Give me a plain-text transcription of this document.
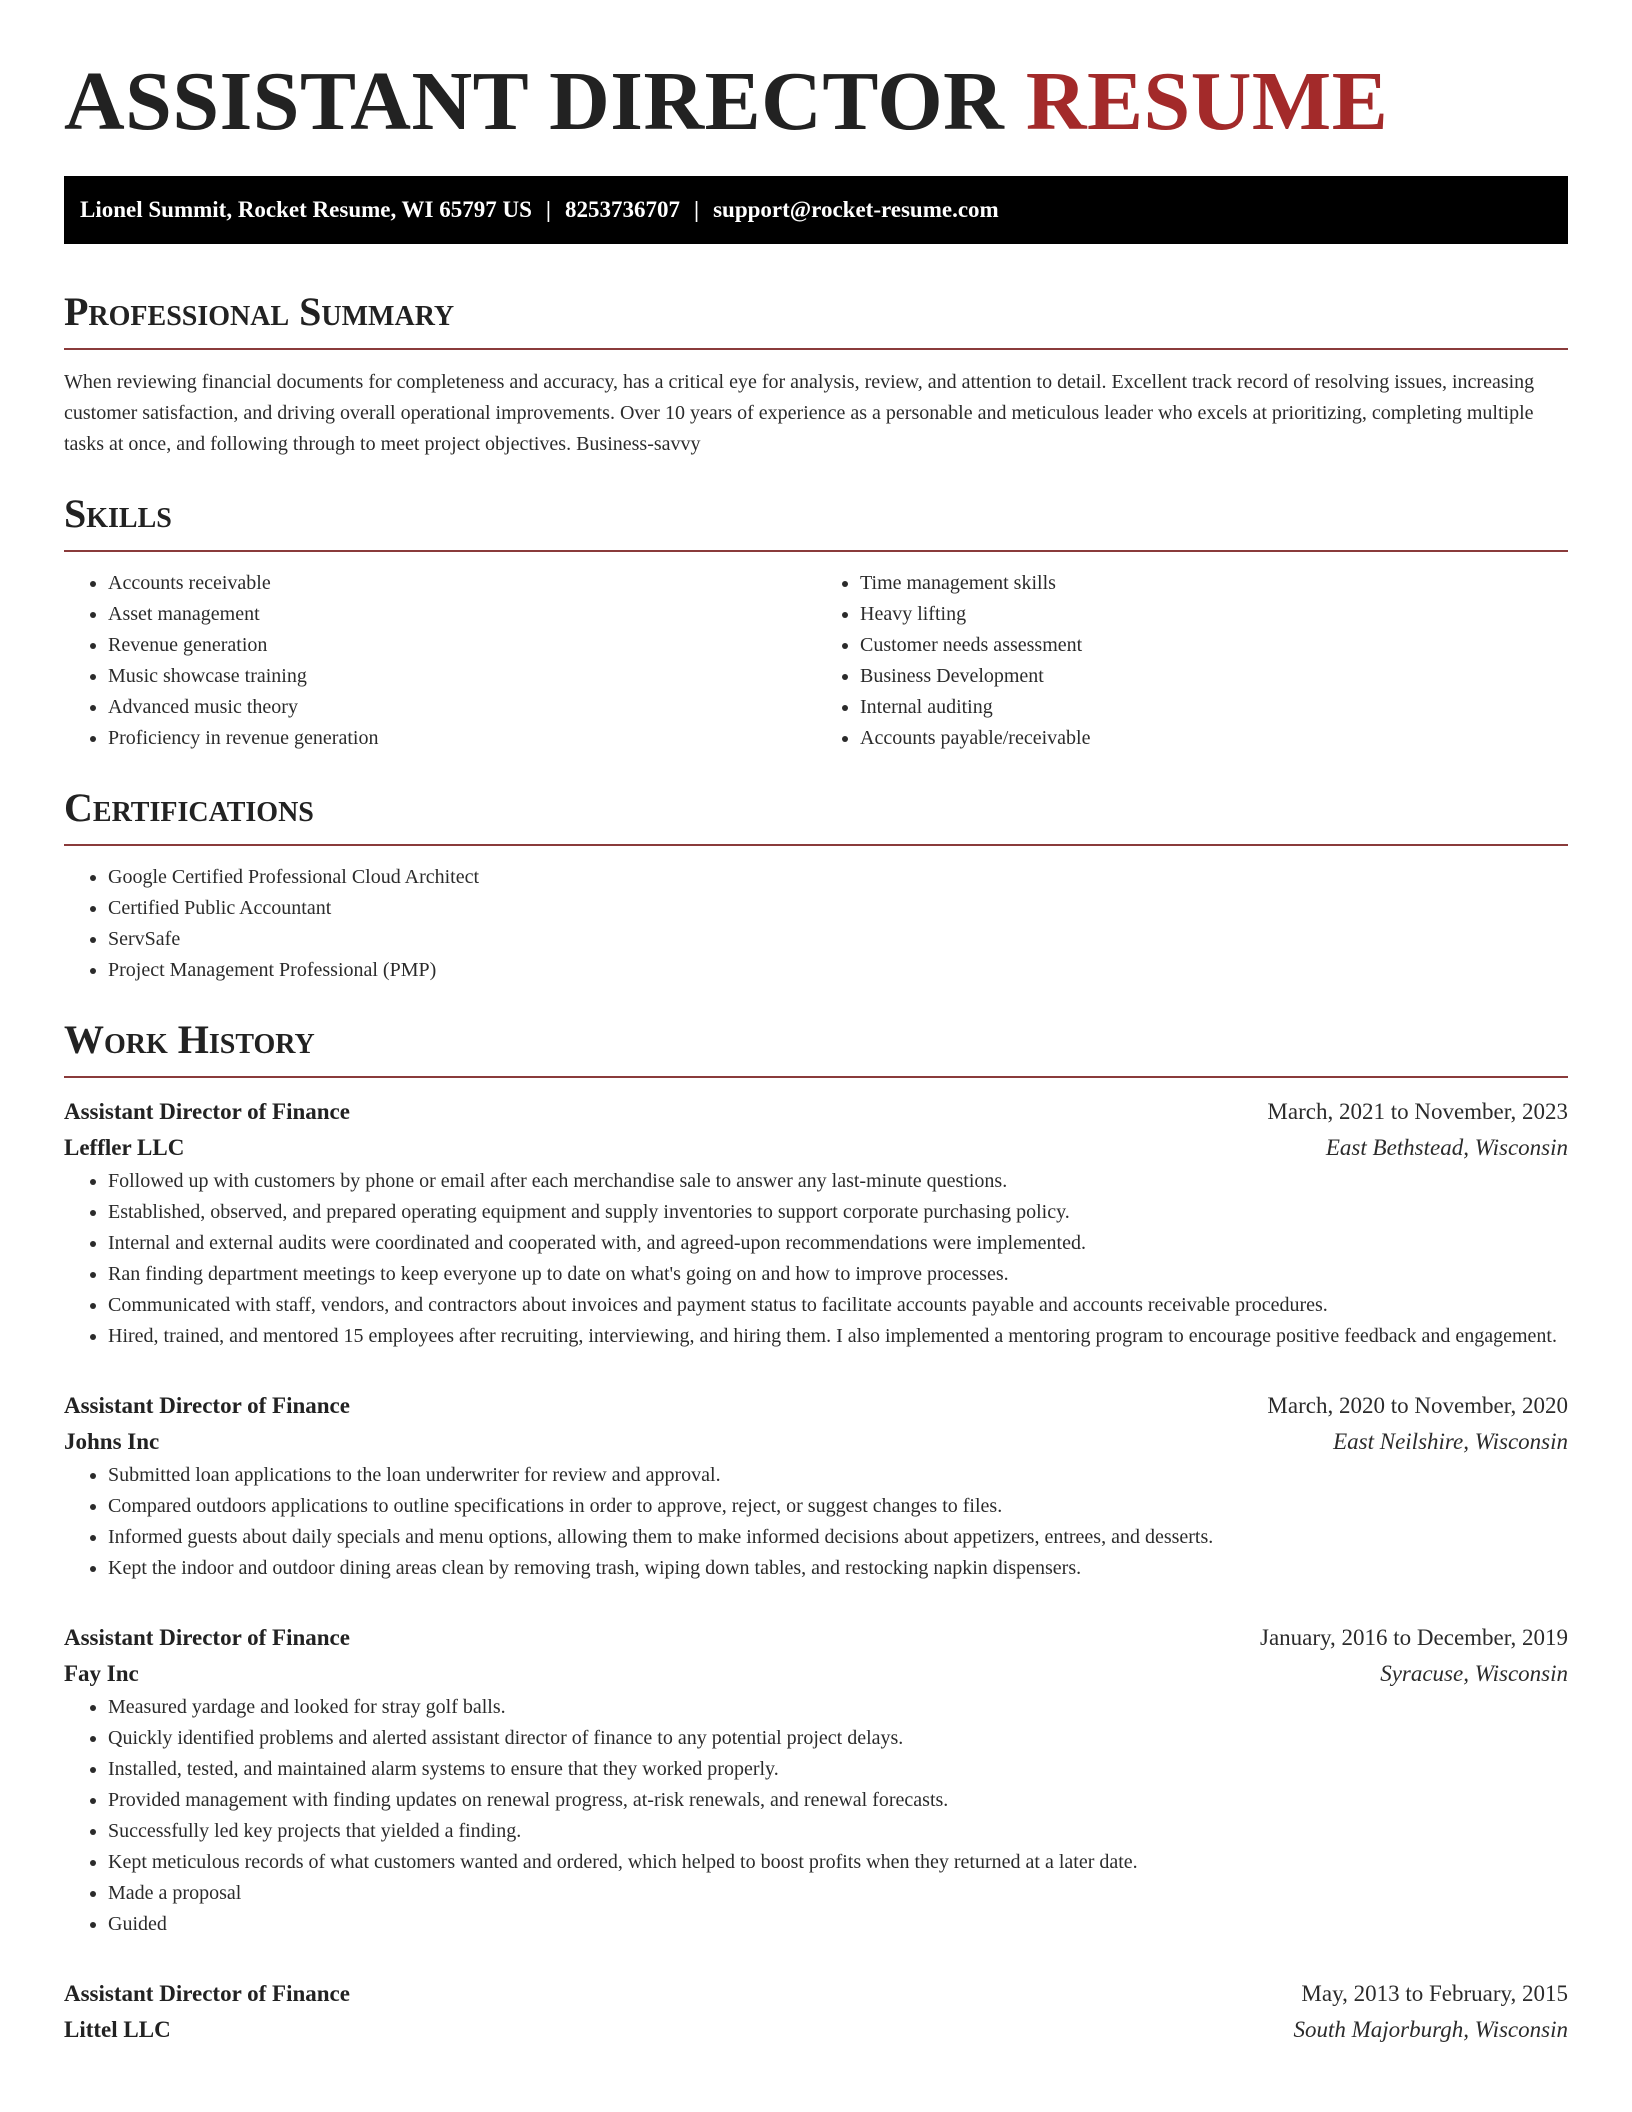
ASSISTANT DIRECTOR RESUME
Lionel Summit, Rocket Resume, WI 65797 US | 8253736707 | support@rocket-resume.com
Professional Summary

When reviewing financial documents for completeness and accuracy, has a critical eye for analysis, review, and attention to detail. Excellent track record of resolving issues, increasing customer satisfaction, and driving overall operational improvements. Over 10 years of experience as a personable and meticulous leader who excels at prioritizing, completing multiple tasks at once, and following through to meet project objectives. Business-savvy

Skills
• Accounts receivable
• Asset management
• Revenue generation
• Music showcase training
• Advanced music theory
• Proficiency in revenue generation
• Time management skills
• Heavy lifting
• Customer needs assessment
• Business Development
• Internal auditing
• Accounts payable/receivable
Certifications
• Google Certified Professional Cloud Architect
• Certified Public Accountant
• ServSafe
• Project Management Professional (PMP)
Work History
Assistant Director of Finance	March, 2021 to November, 2023
Leffler LLC	East Bethstead, Wisconsin
• Followed up with customers by phone or email after each merchandise sale to answer any last-minute questions.
• Established, observed, and prepared operating equipment and supply inventories to support corporate purchasing policy.
• Internal and external audits were coordinated and cooperated with, and agreed-upon recommendations were implemented.
• Ran finding department meetings to keep everyone up to date on what's going on and how to improve processes.
• Communicated with staff, vendors, and contractors about invoices and payment status to facilitate accounts payable and accounts receivable procedures.
• Hired, trained, and mentored 15 employees after recruiting, interviewing, and hiring them. I also implemented a mentoring program to encourage positive feedback and engagement.
Assistant Director of Finance	March, 2020 to November, 2020
Johns Inc	East Neilshire, Wisconsin
• Submitted loan applications to the loan underwriter for review and approval.
• Compared outdoors applications to outline specifications in order to approve, reject, or suggest changes to files.
• Informed guests about daily specials and menu options, allowing them to make informed decisions about appetizers, entrees, and desserts.
• Kept the indoor and outdoor dining areas clean by removing trash, wiping down tables, and restocking napkin dispensers.
Assistant Director of Finance	January, 2016 to December, 2019
Fay Inc	Syracuse, Wisconsin
• Measured yardage and looked for stray golf balls.
• Quickly identified problems and alerted assistant director of finance to any potential project delays.
• Installed, tested, and maintained alarm systems to ensure that they worked properly.
• Provided management with finding updates on renewal progress, at-risk renewals, and renewal forecasts.
• Successfully led key projects that yielded a finding.
• Kept meticulous records of what customers wanted and ordered, which helped to boost profits when they returned at a later date.
• Made a proposal
• Guided
Assistant Director of Finance	May, 2013 to February, 2015
Littel LLC	South Majorburgh, Wisconsin
